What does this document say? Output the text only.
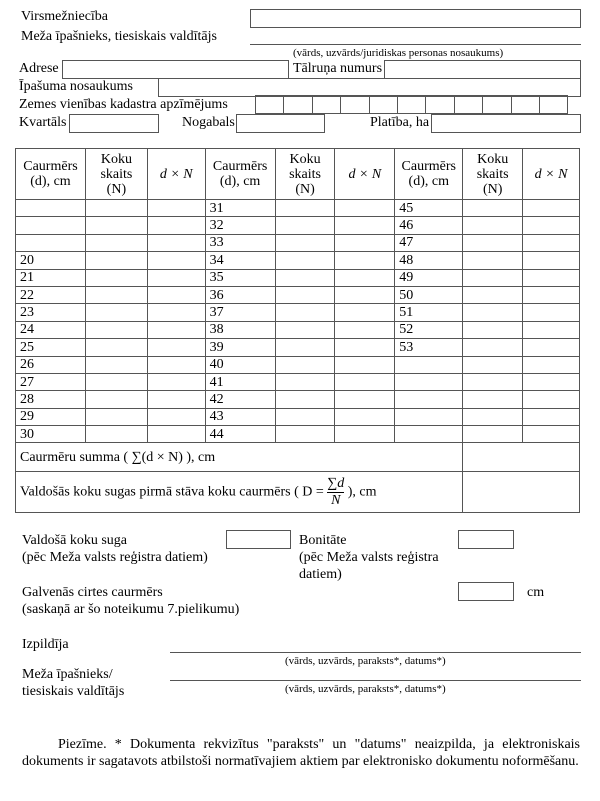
Virsmežniecība
Meža īpašnieks, tiesiskais valdītājs
(vārds, uzvārds/juridiskas personas nosaukums)
Adrese	Tālruņa numurs
Īpašuma nosaukums
Zemes vienības kadastra apzīmējums
Kvartāls	Nogabals	Platība, ha
Caurmērs (d), cm	Koku skaits (N)	d × N	Caurmērs (d), cm	Koku skaits (N)	d × N	Caurmērs (d), cm	Koku skaits (N)	d × N
			31			45		
			32			46		
			33			47		
20			34			48		
21			35			49		
22			36			50		
23			37			51		
24			38			52		
25			39			53		
26			40					
27			41					
28			42					
29			43					
30			44					
Caurmēru summa ( ∑(d × N) ), cm								
Valdošās koku sugas pirmā stāva koku caurmērs ( $D = \frac{\sum d}{N}$ ), cm								
Valdošā koku suga
(pēc Meža valsts reģistra datiem)
Bonitāte
(pēc Meža valsts reģistra
datiem)
Galvenās cirtes caurmērs
(saskaņā ar šo noteikumu 7.pielikumu)
cm
Izpildīja
(vārds, uzvārds, paraksts*, datums*)
Meža īpašnieks/
tiesiskais valdītājs	(vārds, uzvārds, paraksts*, datums*)

Piezīme. * Dokumenta rekvizītus "paraksts" un "datums" neaizpilda, ja elektroniskais dokuments ir sagatavots atbilstoši normatīvajiem aktiem par elektronisko dokumentu noformēšanu.
